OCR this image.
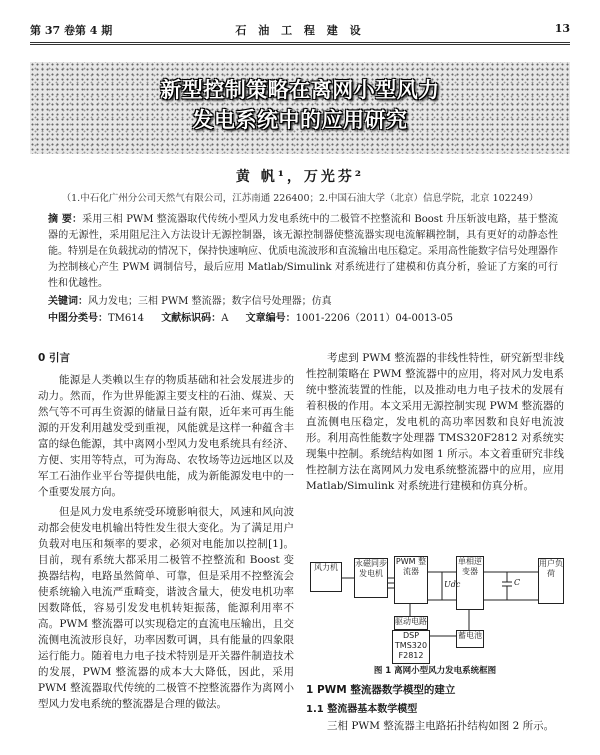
第 37 卷第 4 期	石 油 工 程 建 设	13
新型控制策略在离网小型风力
发电系统中的应用研究
黄 帆¹，万光芬²
（1.中石化广州分公司天然气有限公司，江苏南通 226400；2.中国石油大学（北京）信息学院，北京 102249）
摘 要：采用三相 PWM 整流器取代传统小型风力发电系统中的二极管不控整流和 Boost 升压斩波电路，基于整流器的无源性，采用阻尼注入方法设计无源控制器，该无源控制器使整流器实现电流解耦控制，具有更好的动静态性能。特别是在负载扰动的情况下，保持快速响应、优质电流波形和直流输出电压稳定。采用高性能数字信号处理器作为控制核心产生 PWM 调制信号，最后应用 Matlab/Simulink 对系统进行了建模和仿真分析，验证了方案的可行性和优越性。
关键词：风力发电；三相 PWM 整流器；数字信号处理器；仿真
中图分类号：TM614 文献标识码：A 文章编号：1001-2206（2011）04-0013-05
0 引言

能源是人类赖以生存的物质基础和社会发展进步的动力。然而，作为世界能源主要支柱的石油、煤炭、天然气等不可再生资源的储量日益有限，近年来可再生能源的开发利用越发受到重视，风能就是这样一种蕴含丰富的绿色能源，其中离网小型风力发电系统具有经济、方便、实用等特点，可为海岛、农牧场等边远地区以及军工石油作业平台等提供电能，成为新能源发电中的一个重要发展方向。

但是风力发电系统受环境影响很大，风速和风向波动都会使发电机输出特性发生很大变化。为了满足用户负载对电压和频率的要求，必须对电能加以控制[1]。目前，现有系统大都采用二极管不控整流和 Boost 变换器结构，电路虽然简单、可靠，但是采用不控整流会使系统输入电流严重畸变，谐波含量大，使发电机功率因数降低，容易引发发电机转矩振荡，能源利用率不高。PWM 整流器可以实现稳定的直流电压输出，且交流侧电流波形良好，功率因数可调，具有能量的四象限运行能力。随着电力电子技术特别是开关器件制造技术的发展，PWM 整流器的成本大大降低，因此，采用 PWM 整流器取代传统的二极管不控整流器作为离网小型风力发电系统的整流器是合理的做法。

考虑到 PWM 整流器的非线性特性，研究新型非线性控制策略在 PWM 整流器中的应用，将对风力发电系统中整流装置的性能，以及推动电力电子技术的发展有着积极的作用。本文采用无源控制实现 PWM 整流器的直流侧电压稳定，发电机的高功率因数和良好电流波形。利用高性能数字处理器 TMS320F2812 对系统实现集中控制。系统结构如图 1 所示。本文着重研究非线性控制方法在离网风力发电系统整流器中的应用，应用 Matlab/Simulink 对系统进行建模和仿真分析。

风力机	永磁同步发电机
PWM 整流器
单相逆变器
用户负荷
驱动电路
DSP TMS320 F2812
蓄电池
Udc	C
图 1 离网小型风力发电系统框图
1 PWM 整流器数学模型的建立
1.1 整流器基本数学模型

三相 PWM 整流器主电路拓扑结构如图 2 所示。
